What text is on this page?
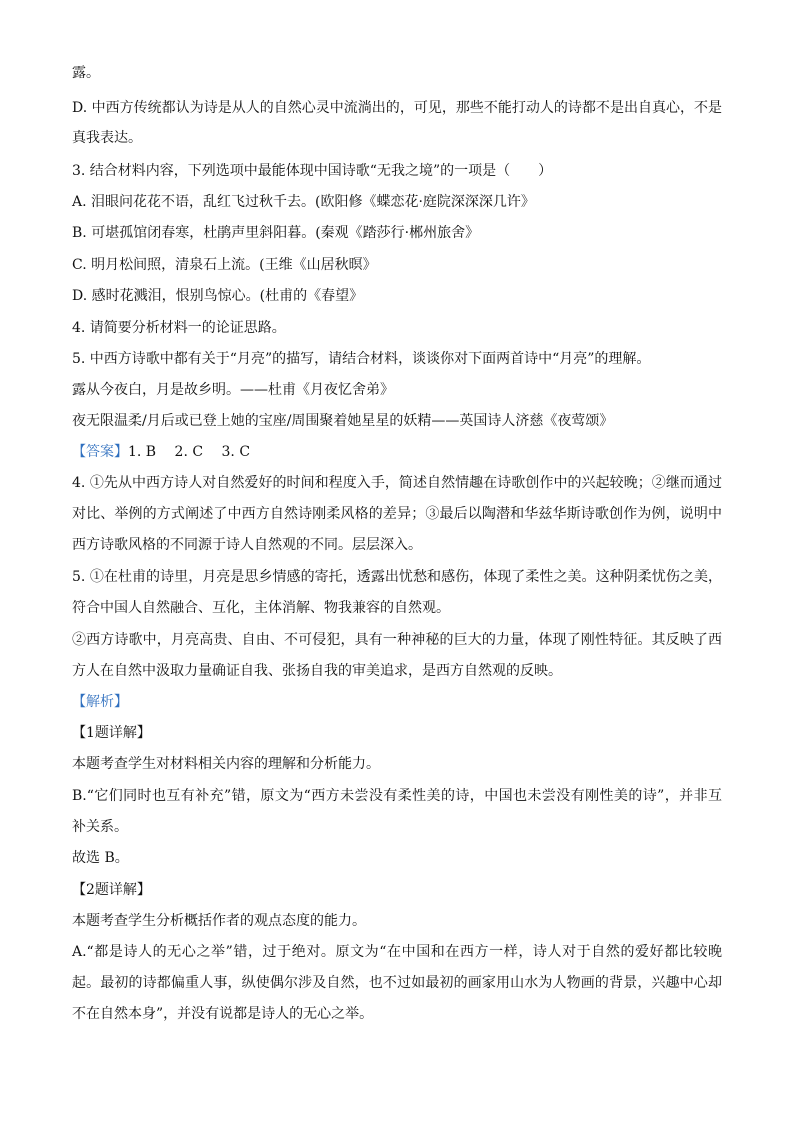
露。
D. 中西方传统都认为诗是从人的自然心灵中流淌出的，可见，那些不能打动人的诗都不是出自真心，不是
真我表达。
3. 结合材料内容，下列选项中最能体现中国诗歌“无我之境”的一项是（　　）
A. 泪眼问花花不语，乱红飞过秋千去。(欧阳修《蝶恋花·庭院深深深几许》
B. 可堪孤馆闭春寒，杜鹃声里斜阳暮。(秦观《踏莎行·郴州旅舍》
C. 明月松间照，清泉石上流。(王维《山居秋暝》
D. 感时花溅泪，恨别鸟惊心。(杜甫的《春望》
4. 请简要分析材料一的论证思路。
5. 中西方诗歌中都有关于“月亮”的描写，请结合材料，谈谈你对下面两首诗中“月亮”的理解。
露从今夜白，月是故乡明。——杜甫《月夜忆舍弟》
夜无限温柔/月后或已登上她的宝座/周围聚着她星星的妖精——英国诗人济慈《夜莺颂》
【答案】1. B　 2. C　 3. C
4. ①先从中西方诗人对自然爱好的时间和程度入手，简述自然情趣在诗歌创作中的兴起较晚；②继而通过
对比、举例的方式阐述了中西方自然诗刚柔风格的差异；③最后以陶潜和华兹华斯诗歌创作为例，说明中
西方诗歌风格的不同源于诗人自然观的不同。层层深入。
5. ①在杜甫的诗里，月亮是思乡情感的寄托，透露出忧愁和感伤，体现了柔性之美。这种阴柔忧伤之美，
符合中国人自然融合、互化，主体消解、物我兼容的自然观。
②西方诗歌中，月亮高贵、自由、不可侵犯，具有一种神秘的巨大的力量，体现了刚性特征。其反映了西
方人在自然中汲取力量确证自我、张扬自我的审美追求，是西方自然观的反映。
【解析】
【1题详解】
本题考查学生对材料相关内容的理解和分析能力。
B.“它们同时也互有补充”错，原文为“西方未尝没有柔性美的诗，中国也未尝没有刚性美的诗”，并非互
补关系。
故选 B。
【2题详解】
本题考查学生分析概括作者的观点态度的能力。
A.“都是诗人的无心之举”错，过于绝对。原文为“在中国和在西方一样，诗人对于自然的爱好都比较晚
起。最初的诗都偏重人事，纵使偶尔涉及自然，也不过如最初的画家用山水为人物画的背景，兴趣中心却
不在自然本身”，并没有说都是诗人的无心之举。
